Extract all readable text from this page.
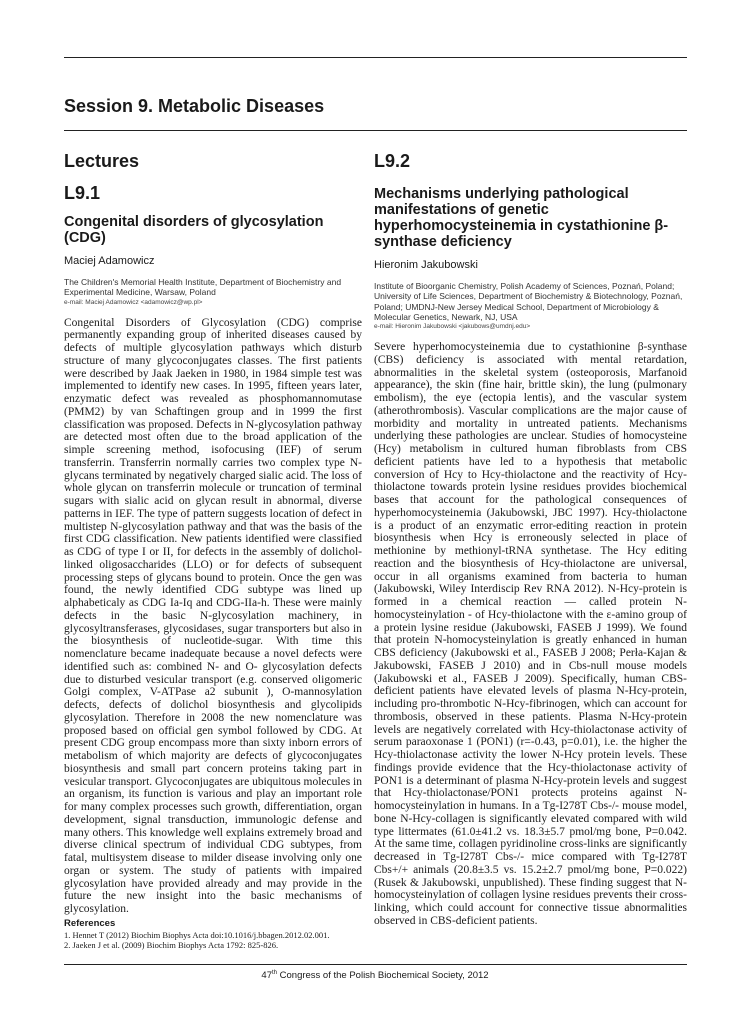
Session 9. Metabolic Diseases
Lectures
L9.1
Congenital disorders of glycosylation (CDG)
Maciej Adamowicz
The Children's Memorial Health Institute, Department of Biochemistry and Experimental Medicine, Warsaw, Poland
e-mail: Maciej Adamowicz <adamowicz@wp.pl>

Congenital Disorders of Glycosylation (CDG) comprise permanently expanding group of inherited diseases caused by defects of multiple glycosylation pathways which disturb structure of many glycoconjugates classes. The first patients were described by Jaak Jaeken in 1980, in 1984 simple test was implemented to identify new cases. In 1995, fifteen years later, enzymatic defect was revealed as phosphomannomutase (PMM2) by van Schaftingen group and in 1999 the first classification was proposed. Defects in N-glycosylation pathway are detected most often due to the broad application of the simple screening method, isofocusing (IEF) of serum transferrin. Transferrin normally carries two complex type N-glycans terminated by negatively charged sialic acid. The loss of whole glycan on transferrin molecule or truncation of terminal sugars with sialic acid on glycan result in abnormal, diverse patterns in IEF. The type of pattern suggests location of defect in multistep N-glycosylation pathway and that was the basis of the first CDG classification. New patients identified were classified as CDG of type I or II, for defects in the assembly of dolichol-linked oligosaccharides (LLO) or for defects of subsequent processing steps of glycans bound to protein. Once the gen was found, the newly identified CDG subtype was lined up alphabeticaly as CDG Ia-Iq and CDG-IIa-h. These were mainly defects in the basic N-glycosylation machinery, in glycosyltransferases, glycosidases, sugar transporters but also in the biosynthesis of nucleotide-sugar. With time this nomenclature became inadequate because a novel defects were identified such as: combined N- and O- glycosylation defects due to disturbed vesicular transport (e.g. conserved oligomeric Golgi complex, V-ATPase a2 subunit ), O-mannosylation defects, defects of dolichol biosynthesis and glycolipids glycosylation. Therefore in 2008 the new nomenclature was proposed based on official gen symbol followed by CDG. At present CDG group encompass more than sixty inborn errors of metabolism of which majority are defects of glycoconjugates biosynthesis and small part concern proteins taking part in vesicular transport. Glycoconjugates are ubiquitous molecules in an organism, its function is various and play an important role for many complex processes such growth, differentiation, organ development, signal transduction, immunologic defense and many others. This knowledge well explains extremely broad and diverse clinical spectrum of individual CDG subtypes, from fatal, multisystem disease to milder disease involving only one organ or system. The study of patients with impaired glycosylation have provided already and may provide in the future the new insight into the basic mechanisms of glycosylation.

References

1. Hennet T (2012) Biochim Biophys Acta doi:10.1016/j.bbagen.2012.02.001.

2. Jaeken J et al. (2009) Biochim Biophys Acta 1792: 825-826.

L9.2
Mechanisms underlying pathological manifestations of genetic hyperhomocysteinemia in cystathionine β-synthase deficiency
Hieronim Jakubowski
Institute of Bioorganic Chemistry, Polish Academy of Sciences, Poznań, Poland; University of Life Sciences, Department of Biochemistry & Biotechnology, Poznań, Poland; UMDNJ-New Jersey Medical School, Department of Microbiology & Molecular Genetics, Newark, NJ, USA
e-mail: Hieronim Jakubowski <jakubows@umdnj.edu>

Severe hyperhomocysteinemia due to cystathionine β-synthase (CBS) deficiency is associated with mental retardation, abnormalities in the skeletal system (osteoporosis, Marfanoid appearance), the skin (fine hair, brittle skin), the lung (pulmonary embolism), the eye (ectopia lentis), and the vascular system (atherothrombosis). Vascular complications are the major cause of morbidity and mortality in untreated patients. Mechanisms underlying these pathologies are unclear. Studies of homocysteine (Hcy) metabolism in cultured human fibroblasts from CBS deficient patients have led to a hypothesis that metabolic conversion of Hcy to Hcy-thiolactone and the reactivity of Hcy-thiolactone towards protein lysine residues provides biochemical bases that account for the pathological consequences of hyperhomocysteinemia (Jakubowski, JBC 1997). Hcy-thiolactone is a product of an enzymatic error-editing reaction in protein biosynthesis when Hcy is erroneously selected in place of methionine by methionyl-tRNA synthetase. The Hcy editing reaction and the biosynthesis of Hcy-thiolactone are universal, occur in all organisms examined from bacteria to human (Jakubowski, Wiley Interdiscip Rev RNA 2012). N-Hcy-protein is formed in a chemical reaction — called protein N-homocysteinylation - of Hcy-thiolactone with the ε-amino group of a protein lysine residue (Jakubowski, FASEB J 1999). We found that protein N-homocysteinylation is greatly enhanced in human CBS deficiency (Jakubowski et al., FASEB J 2008; Perła-Kajan & Jakubowski, FASEB J 2010) and in Cbs-null mouse models (Jakubowski et al., FASEB J 2009). Specifically, human CBS-deficient patients have elevated levels of plasma N-Hcy-protein, including pro-thrombotic N-Hcy-fibrinogen, which can account for thrombosis, observed in these patients. Plasma N-Hcy-protein levels are negatively correlated with Hcy-thiolactonase activity of serum paraoxonase 1 (PON1) (r=-0.43, p=0.01), i.e. the higher the Hcy-thiolactonase activity the lower N-Hcy protein levels. These findings provide evidence that the Hcy-thiolactonase activity of PON1 is a determinant of plasma N-Hcy-protein levels and suggest that Hcy-thiolactonase/PON1 protects proteins against N-homocysteinylation in humans. In a Tg-I278T Cbs-/- mouse model, bone N-Hcy-collagen is significantly elevated compared with wild type littermates (61.0±41.2 vs. 18.3±5.7 pmol/mg bone, P=0.042. At the same time, collagen pyridinoline cross-links are significantly decreased in Tg-I278T Cbs-/- mice compared with Tg-I278T Cbs+/+ animals (20.8±3.5 vs. 15.2±2.7 pmol/mg bone, P=0.022) (Rusek & Jakubowski, unpublished). These finding suggest that N-homocysteinylation of collagen lysine residues prevents their cross-linking, which could account for connective tissue abnormalities observed in CBS-deficient patients.

47th Congress of the Polish Biochemical Society, 2012
